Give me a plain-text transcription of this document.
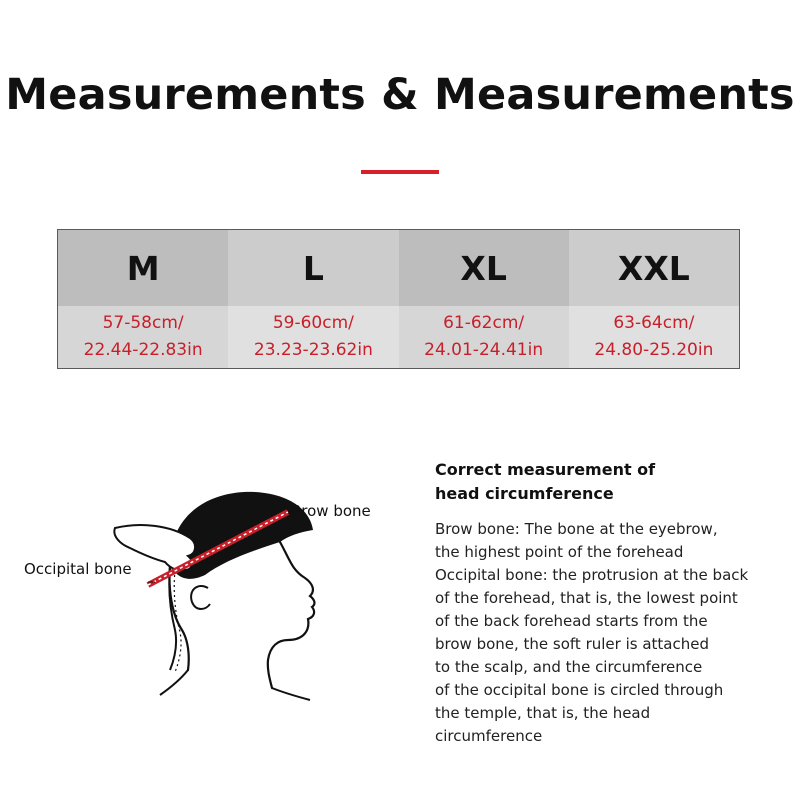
Measurements & Measurements
M
57-58cm/
22.44-22.83in
L
59-60cm/
23.23-23.62in
XL
61-62cm/
24.01-24.41in
XXL
63-64cm/
24.80-25.20in
Brow bone
Occipital bone
Correct measurement of
head circumference

Brow bone: The bone at the eyebrow,
the highest point of the forehead
Occipital bone: the protrusion at the back
of the forehead, that is, the lowest point
of the back forehead starts from the
brow bone, the soft ruler is attached
to the scalp, and the circumference
of the occipital bone is circled through
the temple, that is, the head
circumference
